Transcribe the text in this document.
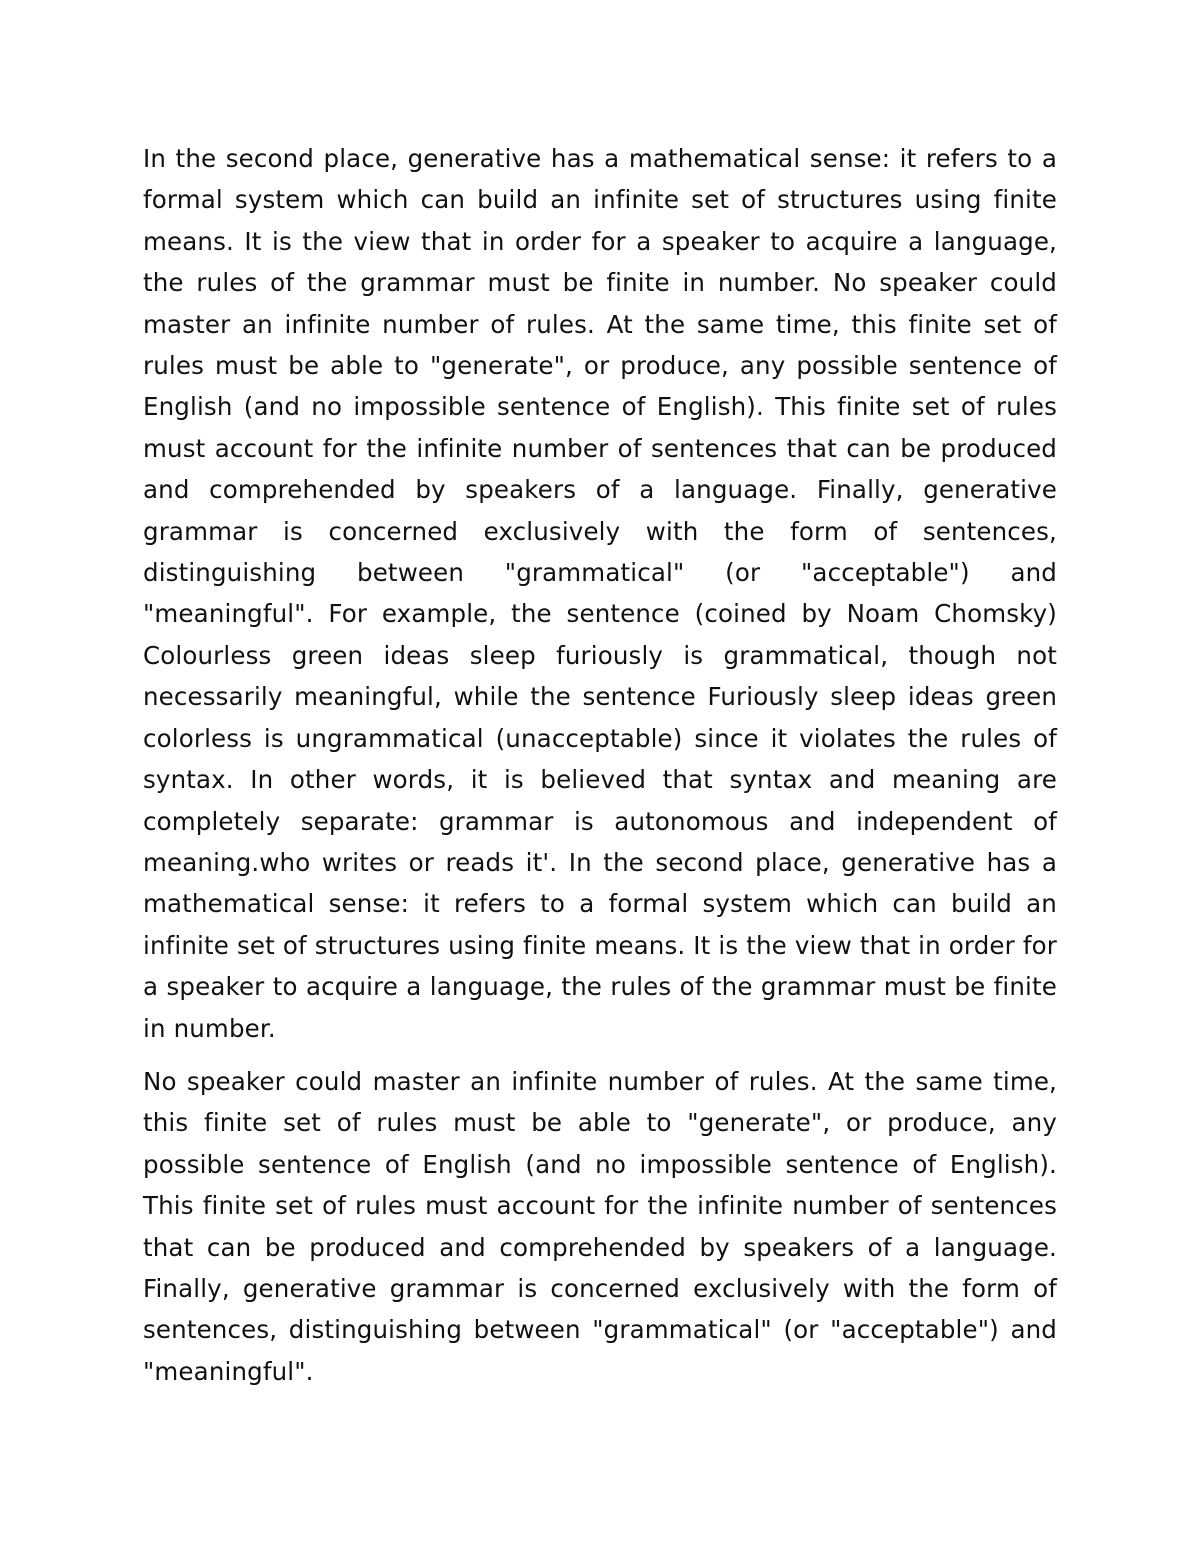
In the second place, generative has a mathematical sense: it refers to a formal system which can build an infinite set of structures using finite means. It is the view that in order for a speaker to acquire a language, the rules of the grammar must be finite in number. No speaker could master an infinite number of rules. At the same time, this finite set of rules must be able to "generate", or produce, any possible sentence of English (and no impossible sentence of English). This finite set of rules must account for the infinite number of sentences that can be produced and comprehended by speakers of a language. Finally, generative grammar is concerned exclusively with the form of sentences, distinguishing between "grammatical" (or "acceptable") and "meaningful". For example, the sentence (coined by Noam Chomsky) Colourless green ideas sleep furiously is grammatical, though not necessarily meaningful, while the sentence Furiously sleep ideas green colorless is ungrammatical (unacceptable) since it violates the rules of syntax. In other words, it is believed that syntax and meaning are completely separate: grammar is autonomous and independent of meaning.who writes or reads it'. In the second place, generative has a mathematical sense: it refers to a formal system which can build an infinite set of structures using finite means. It is the view that in order for a speaker to acquire a language, the rules of the grammar must be finite in number.

No speaker could master an infinite number of rules. At the same time, this finite set of rules must be able to "generate", or produce, any possible sentence of English (and no impossible sentence of English). This finite set of rules must account for the infinite number of sentences that can be produced and comprehended by speakers of a language. Finally, generative grammar is concerned exclusively with the form of sentences, distinguishing between "grammatical" (or "acceptable") and "meaningful".
